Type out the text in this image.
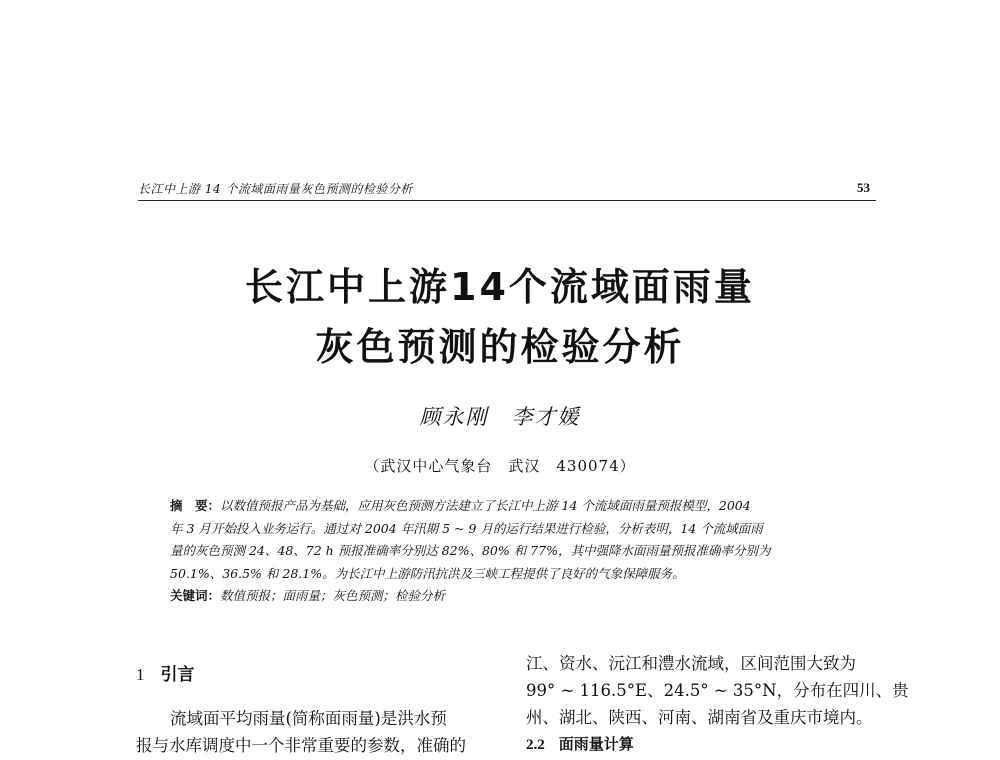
长江中上游 14 个流域面雨量灰色预测的检验分析	53
长江中上游14个流域面雨量
灰色预测的检验分析
顾永刚　李才媛
（武汉中心气象台　武汉　430074）
摘　要：以数值预报产品为基础，应用灰色预测方法建立了长江中上游 14 个流域面雨量预报模型，2004
年 3 月开始投入业务运行。通过对 2004 年汛期 5 ~ 9 月的运行结果进行检验，分析表明，14 个流域面雨
量的灰色预测 24、48、72 h 预报准确率分别达 82%、80% 和 77%，其中强降水面雨量预报准确率分别为
50.1%、36.5% 和 28.1%。为长江中上游防汛抗洪及三峡工程提供了良好的气象保障服务。
关键词：数值预报；面雨量；灰色预测；检验分析
1 引言
流域面平均雨量(简称面雨量)是洪水预
报与水库调度中一个非常重要的参数，准确的
江、资水、沅江和澧水流域，区间范围大致为
99° ~ 116.5°E、24.5° ~ 35°N，分布在四川、贵
州、湖北、陕西、河南、湖南省及重庆市境内。
2.2 面雨量计算
